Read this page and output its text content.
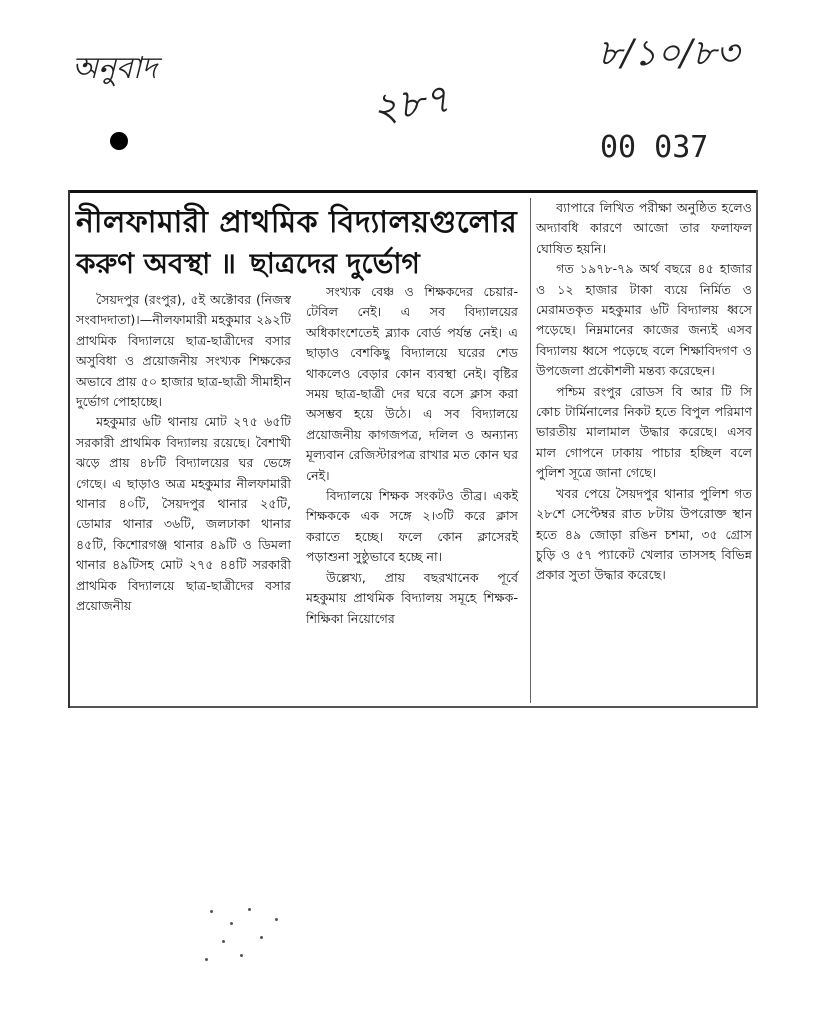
অনুবাদ
২৮৭
৮/১০/৮৩
00 037
নীলফামারী প্রাথমিক বিদ্যালয়গুলোর
করুণ অবস্থা ॥ ছাত্রদের দুর্ভোগ

সৈয়দপুর (রংপুর), ৫ই অক্টোবর (নিজস্ব সংবাদদাতা)।—নীলফামারী মহকুমার ২৯২টি প্রাথমিক বিদ্যালয়ে ছাত্র-ছাত্রীদের বসার অসুবিধা ও প্রয়োজনীয় সংখ্যক শিক্ষকের অভাবে প্রায় ৫০ হাজার ছাত্র-ছাত্রী সীমাহীন দুর্ভোগ পোহাচ্ছে।

মহকুমার ৬টি থানায় মোট ২৭৫ ৬৫টি সরকারী প্রাথমিক বিদ্যালয় রয়েছে। বৈশাখী ঝড়ে প্রায় ৪৮টি বিদ্যালয়ের ঘর ভেঙ্গে গেছে। এ ছাড়াও অত্র মহকুমার নীলফামারী থানার ৪০টি, সৈয়দপুর থানার ২৫টি, ডোমার থানার ৩৬টি, জলঢাকা থানার ৪৫টি, কিশোরগঞ্জ থানার ৪৯টি ও ডিমলা থানার ৪৯টিসহ মোট ২৭৫ ৪৪টি সরকারী প্রাথমিক বিদ্যালয়ে ছাত্র-ছাত্রীদের বসার প্রয়োজনীয়

সংখ্যক বেঞ্চ ও শিক্ষকদের চেয়ার-টেবিল নেই। এ সব বিদ্যালয়ের অধিকাংশেতেই ব্ল্যাক বোর্ড পর্যন্ত নেই। এ ছাড়াও বেশকিছু বিদ্যালয়ে ঘরের শেড থাকলেও বেড়ার কোন ব্যবস্থা নেই। বৃষ্টির সময় ছাত্র-ছাত্রী দের ঘরে বসে ক্লাস করা অসম্ভব হয়ে উঠে। এ সব বিদ্যালয়ে প্রয়োজনীয় কাগজপত্র, দলিল ও অন্যান্য মূল্যবান রেজিস্টারপত্র রাখার মত কোন ঘর নেই।

বিদ্যালয়ে শিক্ষক সংকটও তীব্র। একই শিক্ষককে এক সঙ্গে ২।৩টি করে ক্লাস করাতে হচ্ছে। ফলে কোন ক্লাসেরই পড়াশুনা সুষ্ঠুভাবে হচ্ছে না।

উল্লেখ্য, প্রায় বছরখানেক পূর্বে মহকুমায় প্রাথমিক বিদ্যালয় সমূহে শিক্ষক-শিক্ষিকা নিয়োগের

ব্যাপারে লিখিত পরীক্ষা অনুষ্ঠিত হলেও অদ্যাবধি কারণে আজো তার ফলাফল ঘোষিত হয়নি।

গত ১৯৭৮-৭৯ অর্থ বছরে ৪৫ হাজার ও ১২ হাজার টাকা ব্যয়ে নির্মিত ও মেরামতকৃত মহকুমার ৬টি বিদ্যালয় ধ্বসে পড়েছে। নিম্নমানের কাজের জন্যই এসব বিদ্যালয় ধ্বসে পড়েছে বলে শিক্ষাবিদগণ ও উপজেলা প্রকৌশলী মন্তব্য করেছেন।

পশ্চিম রংপুর রোডস বি আর টি সি কোচ টার্মিনালের নিকট হতে বিপুল পরিমাণ ভারতীয় মালামাল উদ্ধার করেছে। এসব মাল গোপনে ঢাকায় পাচার হচ্ছিল বলে পুলিশ সূত্রে জানা গেছে।

খবর পেয়ে সৈয়দপুর থানার পুলিশ গত ২৮শে সেপ্টেম্বর রাত ৮টায় উপরোক্ত স্থান হতে ৪৯ জোড়া রঙিন চশমা, ৩৫ গ্রোস চুড়ি ও ৫৭ প্যাকেট খেলার তাসসহ বিভিন্ন প্রকার সুতা উদ্ধার করেছে।
